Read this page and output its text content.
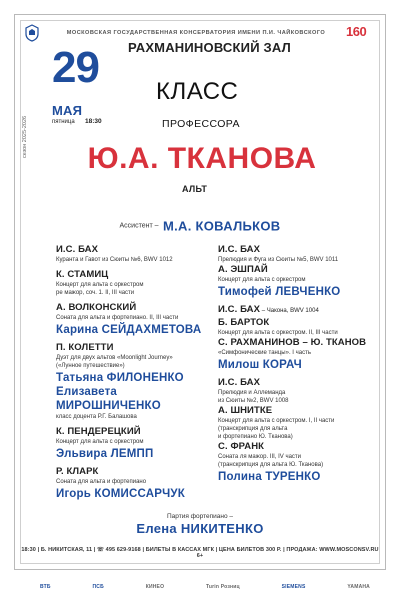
160
МОСКОВСКАЯ ГОСУДАРСТВЕННАЯ КОНСЕРВАТОРИЯ ИМЕНИ П.И. ЧАЙКОВСКОГО
29
МАЯ
пятница 18:30
сезон 2025-2026
РАХМАНИНОВСКИЙ ЗАЛ
КЛАСС
ПРОФЕССОРА
Ю.А. ТКАНОВА
АЛЬТ
Ассистент – М.А. КОВАЛЬКОВ
И.С. БАХ
Куранта и Гавот из Сюиты №6, BWV 1012
К. СТАМИЦ
Концерт для альта с оркестром
ре мажор, соч. 1. II, III части
А. ВОЛКОНСКИЙ
Соната для альта и фортепиано. II, III части
Карина СЕЙДАХМЕТОВА
П. КОЛЕТТИ
Дуэт для двух альтов «Moonlight Journey»
(«Лунное путешествие»)
Татьяна ФИЛОНЕНКО
Елизавета
МИРОШНИЧЕНКО
класс доцента Р.Г. Балашова
К. ПЕНДЕРЕЦКИЙ
Концерт для альта с оркестром
Эльвира ЛЕМПП
Р. КЛАРК
Соната для альта и фортепиано
Игорь КОМИССАРЧУК
И.С. БАХ
Прелюдия и Фуга из Сюиты №5, BWV 1011
А. ЭШПАЙ
Концерт для альта с оркестром
Тимофей ЛЕВЧЕНКО
И.С. БАХ – Чакона, BWV 1004
Б. БАРТОК
Концерт для альта с оркестром. II, III части
С. РАХМАНИНОВ – Ю. ТКАНОВ
«Симфонические танцы». I часть
Милош КОРАЧ
И.С. БАХ
Прелюдия и Аллеманда
из Сюиты №2, BWV 1008
А. ШНИТКЕ
Концерт для альта с оркестром. I, II части
(транскрипция для альта
и фортепиано Ю. Тканова)
С. ФРАНК
Соната ля мажор. III, IV части
(транскрипция для альта Ю. Тканова)
Полина ТУРЕНКО
Партия фортепиано –
Елена НИКИТЕНКО
18:30 | Б. НИКИТСКАЯ, 11 | ☏ 495 629-9168 | БИЛЕТЫ В КАССАХ МГК | ЦЕНА БИЛЕТОВ 300 Р. | ПРОДАЖА: WWW.MOSCONSV.RU 6+
ВТБ	ПСБ	КИНЕО	Turin Розниц	SIEMENS	YAMAHA
